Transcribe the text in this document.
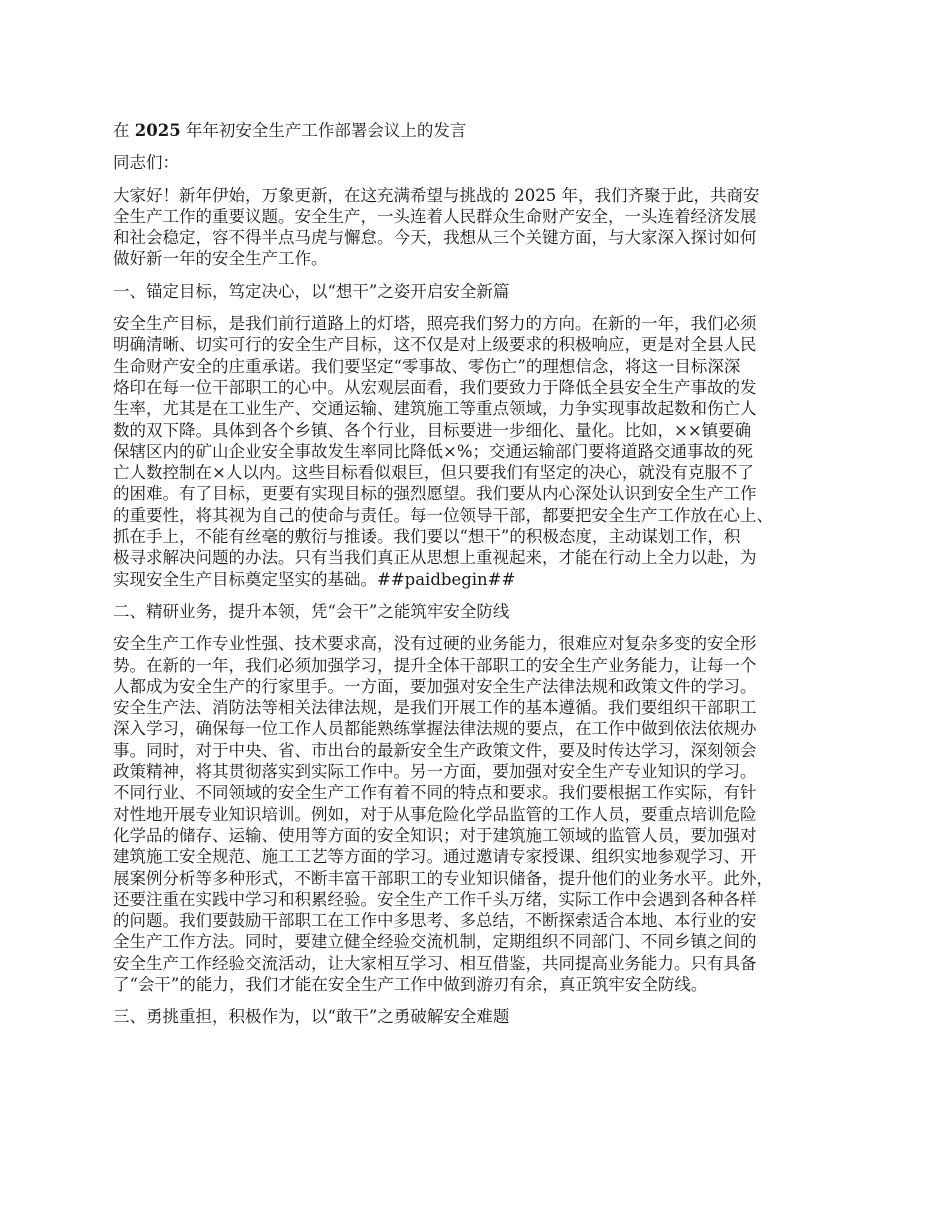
在 2025 年年初安全生产工作部署会议上的发言
同志们：
大家好！新年伊始，万象更新，在这充满希望与挑战的 2025 年，我们齐聚于此，共商安
全生产工作的重要议题。安全生产，一头连着人民群众生命财产安全，一头连着经济发展
和社会稳定，容不得半点马虎与懈怠。今天，我想从三个关键方面，与大家深入探讨如何
做好新一年的安全生产工作。
一、锚定目标，笃定决心，以“想干”之姿开启安全新篇
安全生产目标，是我们前行道路上的灯塔，照亮我们努力的方向。在新的一年，我们必须
明确清晰、切实可行的安全生产目标，这不仅是对上级要求的积极响应，更是对全县人民
生命财产安全的庄重承诺。我们要坚定“零事故、零伤亡”的理想信念，将这一目标深深
烙印在每一位干部职工的心中。从宏观层面看，我们要致力于降低全县安全生产事故的发
生率，尤其是在工业生产、交通运输、建筑施工等重点领域，力争实现事故起数和伤亡人
数的双下降。具体到各个乡镇、各个行业，目标要进一步细化、量化。比如，××镇要确
保辖区内的矿山企业安全事故发生率同比降低×%；交通运输部门要将道路交通事故的死
亡人数控制在×人以内。这些目标看似艰巨，但只要我们有坚定的决心，就没有克服不了
的困难。有了目标，更要有实现目标的强烈愿望。我们要从内心深处认识到安全生产工作
的重要性，将其视为自己的使命与责任。每一位领导干部，都要把安全生产工作放在心上、
抓在手上，不能有丝毫的敷衍与推诿。我们要以“想干”的积极态度，主动谋划工作，积
极寻求解决问题的办法。只有当我们真正从思想上重视起来，才能在行动上全力以赴，为
实现安全生产目标奠定坚实的基础。##paidbegin##
二、精研业务，提升本领，凭“会干”之能筑牢安全防线
安全生产工作专业性强、技术要求高，没有过硬的业务能力，很难应对复杂多变的安全形
势。在新的一年，我们必须加强学习，提升全体干部职工的安全生产业务能力，让每一个
人都成为安全生产的行家里手。一方面，要加强对安全生产法律法规和政策文件的学习。
安全生产法、消防法等相关法律法规，是我们开展工作的基本遵循。我们要组织干部职工
深入学习，确保每一位工作人员都能熟练掌握法律法规的要点，在工作中做到依法依规办
事。同时，对于中央、省、市出台的最新安全生产政策文件，要及时传达学习，深刻领会
政策精神，将其贯彻落实到实际工作中。另一方面，要加强对安全生产专业知识的学习。
不同行业、不同领域的安全生产工作有着不同的特点和要求。我们要根据工作实际，有针
对性地开展专业知识培训。例如，对于从事危险化学品监管的工作人员，要重点培训危险
化学品的储存、运输、使用等方面的安全知识；对于建筑施工领域的监管人员，要加强对
建筑施工安全规范、施工工艺等方面的学习。通过邀请专家授课、组织实地参观学习、开
展案例分析等多种形式，不断丰富干部职工的专业知识储备，提升他们的业务水平。此外，
还要注重在实践中学习和积累经验。安全生产工作千头万绪，实际工作中会遇到各种各样
的问题。我们要鼓励干部职工在工作中多思考、多总结，不断探索适合本地、本行业的安
全生产工作方法。同时，要建立健全经验交流机制，定期组织不同部门、不同乡镇之间的
安全生产工作经验交流活动，让大家相互学习、相互借鉴，共同提高业务能力。只有具备
了“会干”的能力，我们才能在安全生产工作中做到游刃有余，真正筑牢安全防线。
三、勇挑重担，积极作为，以“敢干”之勇破解安全难题
